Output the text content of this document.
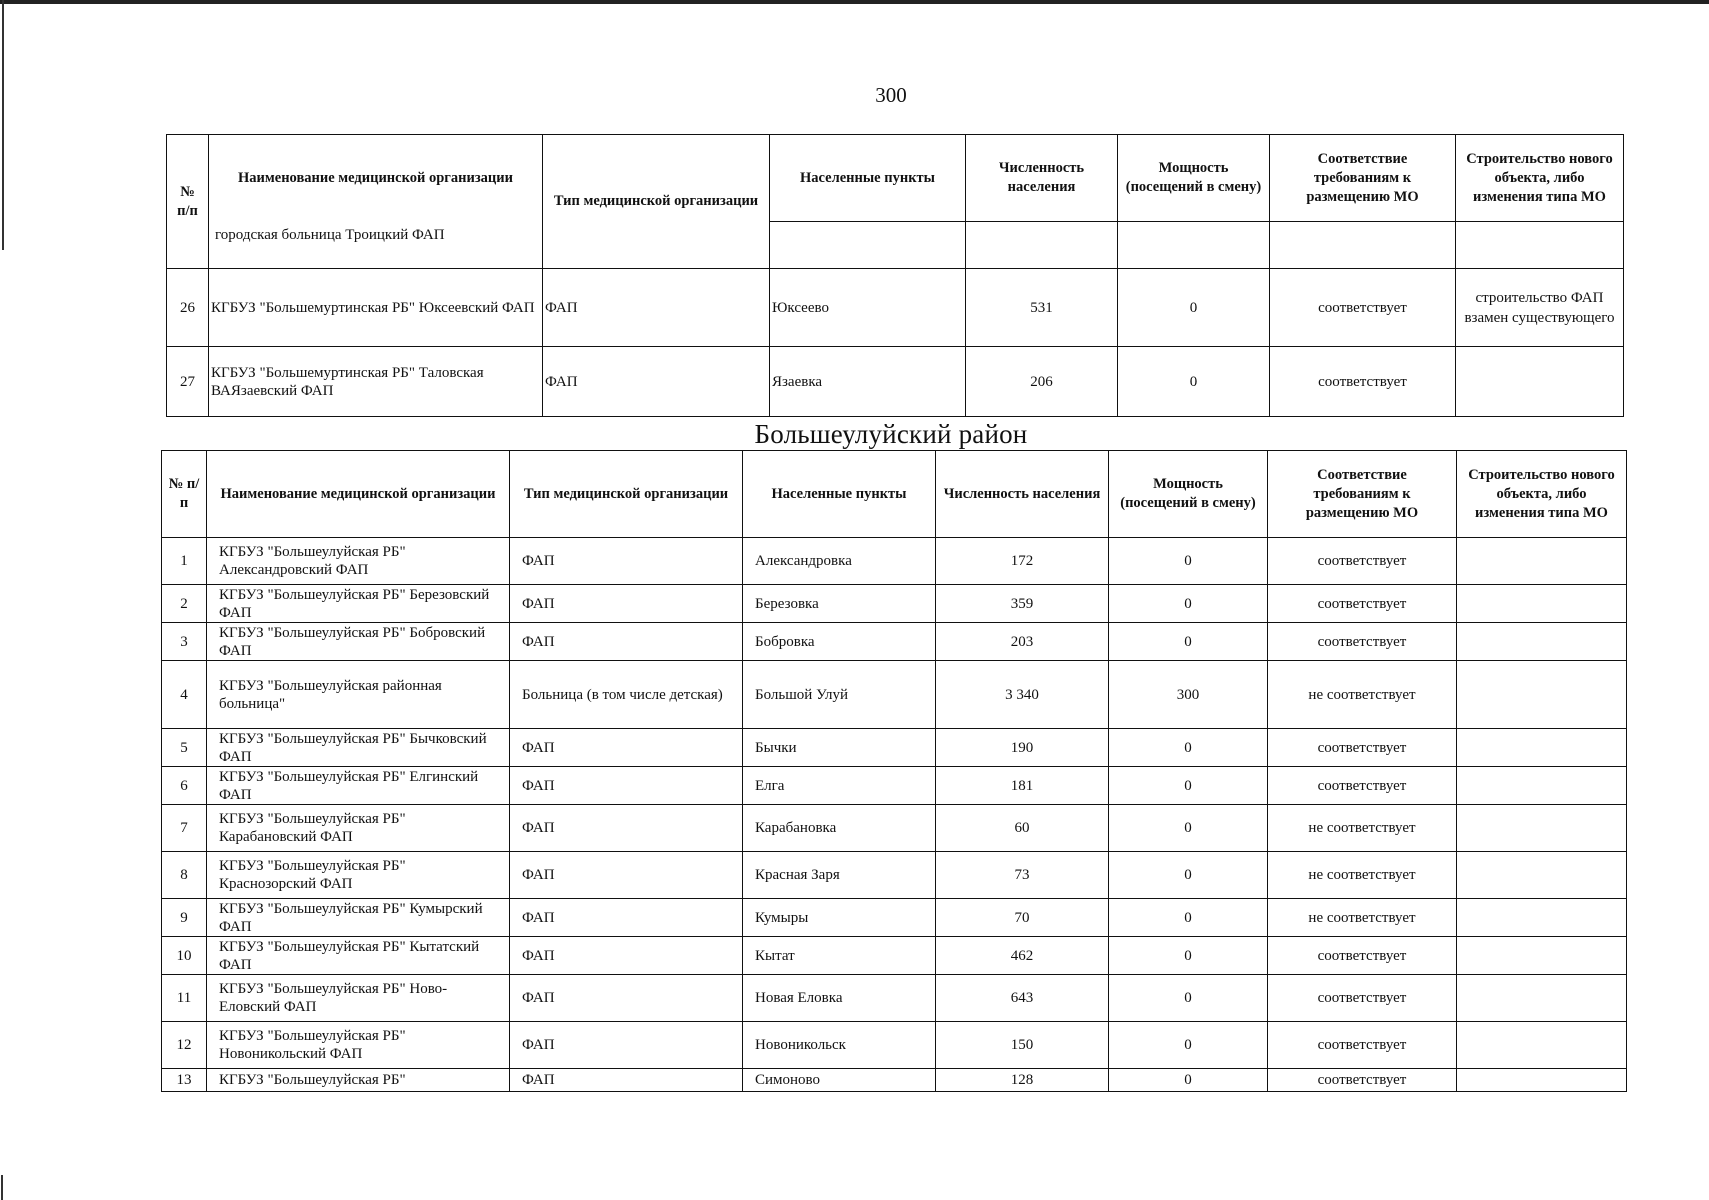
300
№ п/п	Наименование медицинской организации	Тип медицинской организации	Населенные пункты	Численность населения	Мощность (посещений в смену)	Соответствие требованиям к размещению МО	Строительство нового объекта, либо изменения типа МО
	городская больница Троицкий ФАП						
26	КГБУЗ "Большемуртинская РБ" Юксеевский ФАП	ФАП	Юксеево	531	0	соответствует	строительство ФАП взамен существующего
27	КГБУЗ "Большемуртинская РБ" Таловская ВАЯзаевский ФАП	ФАП	Язаевка	206	0	соответствует	
Большеулуйский район
№ п/п	Наименование медицинской организации	Тип медицинской организации	Населенные пункты	Численность населения	Мощность (посещений в смену)	Соответствие требованиям к размещению МО	Строительство нового объекта, либо изменения типа МО
1	КГБУЗ "Большеулуйская РБ" Александровский ФАП	ФАП	Александровка	172	0	соответствует	
2	КГБУЗ "Большеулуйская РБ" Березовский ФАП	ФАП	Березовка	359	0	соответствует	
3	КГБУЗ "Большеулуйская РБ" Бобровский ФАП	ФАП	Бобровка	203	0	соответствует	
4	КГБУЗ "Большеулуйская районная больница"	Больница (в том числе детская)	Большой Улуй	3 340	300	не соответствует	
5	КГБУЗ "Большеулуйская РБ" Бычковский ФАП	ФАП	Бычки	190	0	соответствует	
6	КГБУЗ "Большеулуйская РБ" Елгинский ФАП	ФАП	Елга	181	0	соответствует	
7	КГБУЗ "Большеулуйская РБ" Карабановский ФАП	ФАП	Карабановка	60	0	не соответствует	
8	КГБУЗ "Большеулуйская РБ" Краснозорский ФАП	ФАП	Красная Заря	73	0	не соответствует	
9	КГБУЗ "Большеулуйская РБ" Кумырский ФАП	ФАП	Кумыры	70	0	не соответствует	
10	КГБУЗ "Большеулуйская РБ" Кытатский ФАП	ФАП	Кытат	462	0	соответствует	
11	КГБУЗ "Большеулуйская РБ" Ново-Еловский ФАП	ФАП	Новая Еловка	643	0	соответствует	
12	КГБУЗ "Большеулуйская РБ" Новоникольский ФАП	ФАП	Новоникольск	150	0	соответствует	
13	КГБУЗ "Большеулуйская РБ"	ФАП	Симоново	128	0	соответствует	
